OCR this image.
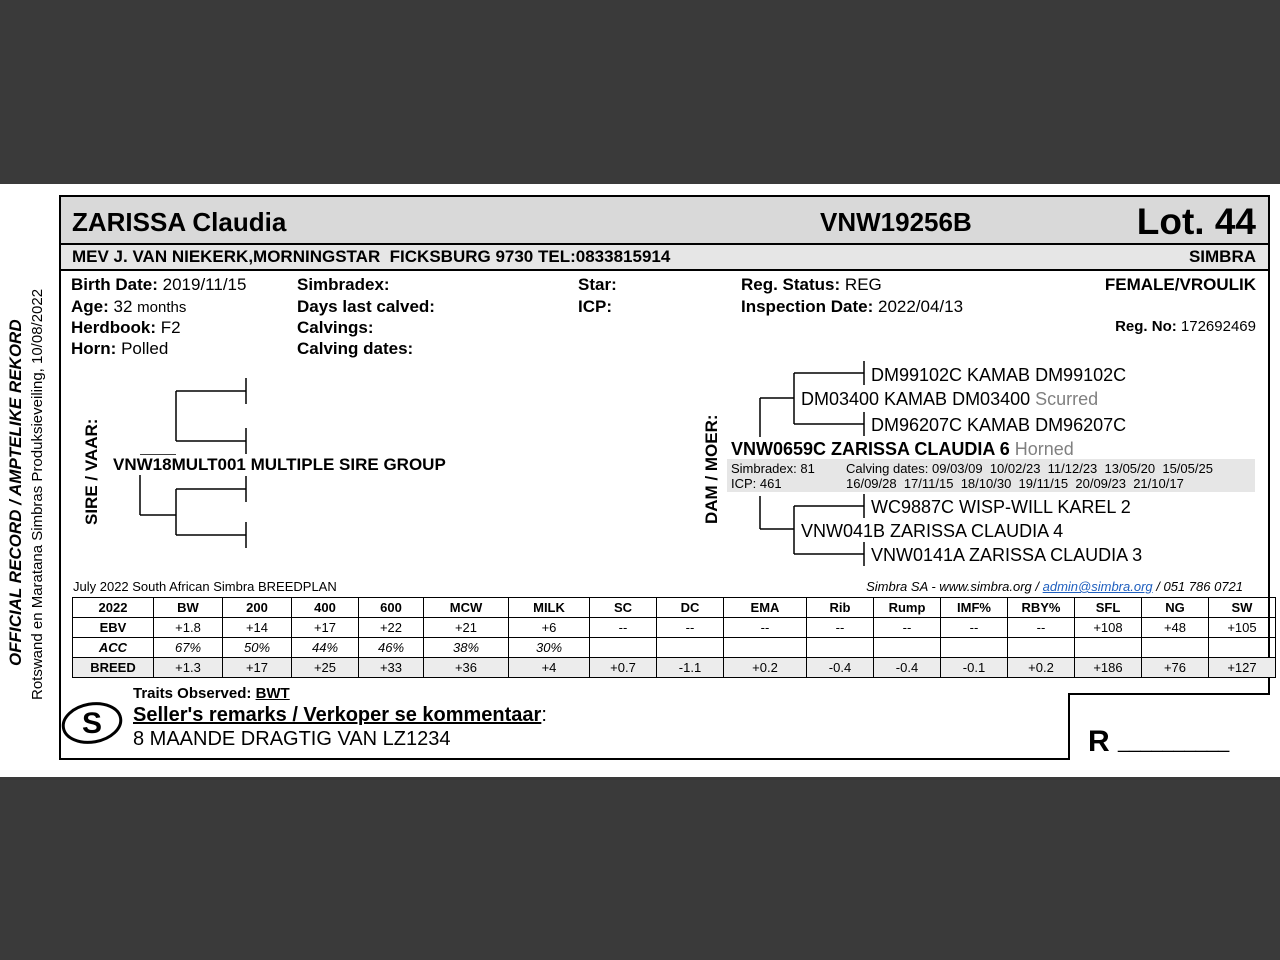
OFFICIAL RECORD / AMPTELIKE REKORD Rotswand en Maratana Simbras Produksieveiling, 10/08/2022
ZARISSA Claudia	VNW19256B	Lot. 44
MEV J. VAN NIEKERK,MORNINGSTAR  FICKSBURG 9730 TEL:0833815914	SIMBRA
Birth Date: 2019/11/15
Age: 32 months
Herdbook: F2
Horn: Polled
Simbradex:
Days last calved:
Calvings:
Calving dates:
Star:
ICP:
Reg. Status: REG
Inspection Date: 2022/04/13
FEMALE/VROULIK
Reg. No: 172692469
SIRE / VAAR: VNW18MULT001 MULTIPLE SIRE GROUP	DAM / MOER:
DM99102C KAMAB DM99102C
DM03400 KAMAB DM03400 Scurred
DM96207C KAMAB DM96207C
VNW0659C ZARISSA CLAUDIA 6 Horned
Simbradex: 81
ICP: 461
Calving dates: 09/03/09  10/02/23  11/12/23  13/05/20  15/05/25
16/09/28  17/11/15  18/10/30  19/11/15  20/09/23  21/10/17
WC9887C WISP-WILL KAREL 2
VNW041B ZARISSA CLAUDIA 4
VNW0141A ZARISSA CLAUDIA 3
July 2022 South African Simbra BREEDPLAN	Simbra SA - www.simbra.org / admin@simbra.org / 051 786 0721
2022	BW	200	400	600	MCW	MILK	SC	DC	EMA	Rib	Rump	IMF%	RBY%	SFL	NG	SW
EBV	+1.8	+14	+17	+22	+21	+6	--	--	--	--	--	--	--	+108	+48	+105
ACC	67%	50%	44%	46%	38%	30%										
BREED	+1.3	+17	+25	+33	+36	+4	+0.7	-1.1	+0.2	-0.4	-0.4	-0.1	+0.2	+186	+76	+127
S
Traits Observed: BWT
Seller's remarks / Verkoper se kommentaar:
8 MAANDE DRAGTIG VAN LZ1234	R __________
